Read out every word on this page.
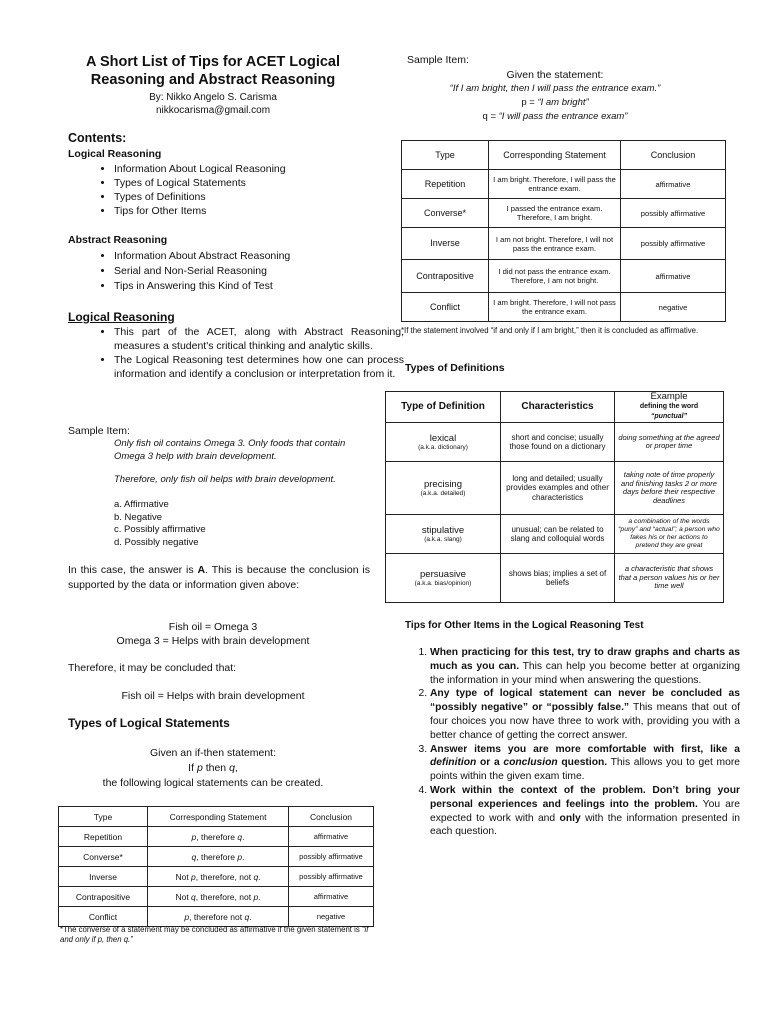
A Short List of Tips for ACET Logical Reasoning and Abstract Reasoning
By: Nikko Angelo S. Carisma
nikkocarisma@gmail.com
Contents:
Logical Reasoning
• Information About Logical Reasoning
• Types of Logical Statements
• Types of Definitions
• Tips for Other Items
Abstract Reasoning
• Information About Abstract Reasoning
• Serial and Non-Serial Reasoning
• Tips in Answering this Kind of Test
Logical Reasoning
• This part of the ACET, along with Abstract Reasoning, measures a student's critical thinking and analytic skills.
• The Logical Reasoning test determines how one can process information and identify a conclusion or interpretation from it.
Sample Item:
Only fish oil contains Omega 3. Only foods that contain Omega 3 help with brain development.
Therefore, only fish oil helps with brain development.
a. Affirmative
b. Negative
c. Possibly affirmative
d. Possibly negative
In this case, the answer is A. This is because the conclusion is supported by the data or information given above:
Fish oil = Omega 3
Omega 3 = Helps with brain development
Therefore, it may be concluded that:
Fish oil = Helps with brain development
Types of Logical Statements
Given an if-then statement:
If p then q,
the following logical statements can be created.
Type	Corresponding Statement	Conclusion
Repetition	p, therefore q.	affirmative
Converse*	q, therefore p.	possibly affirmative
Inverse	Not p, therefore, not q.	possibly affirmative
Contrapositive	Not q, therefore, not p.	affirmative
Conflict	p, therefore not q.	negative
*The converse of a statement may be concluded as affirmative if the given statement is “if and only if p, then q.”
Sample Item:
Given the statement:
“If I am bright, then I will pass the entrance exam.”
p = “I am bright”
q = “I will pass the entrance exam”
Type	Corresponding Statement	Conclusion
Repetition	I am bright. Therefore, I will pass the entrance exam.	affirmative
Converse*	I passed the entrance exam. Therefore, I am bright.	possibly affirmative
Inverse	I am not bright. Therefore, I will not pass the entrance exam.	possibly affirmative
Contrapositive	I did not pass the entrance exam. Therefore, I am not bright.	affirmative
Conflict	I am bright. Therefore, I will not pass the entrance exam.	negative
*If the statement involved “if and only if I am bright,” then it is concluded as affirmative.
Types of Definitions
Type of Definition	Characteristics	Example
defining the word
“punctual”

lexical
(a.k.a. dictionary)	short and concise; usually those found on a dictionary	doing something at the agreed or proper time
precising
(a.k.a. detailed)	long and detailed; usually provides examples and other characteristics	taking note of time properly and finishing tasks 2 or more days before their respective deadlines
stipulative
(a.k.a. slang)	unusual; can be related to slang and colloquial words	a combination of the words “puny” and “actual”; a person who fakes his or her actions to pretend they are great
persuasive
(a.k.a. bias/opinion)	shows bias; implies a set of beliefs	a characteristic that shows that a person values his or her time well
Tips for Other Items in the Logical Reasoning Test
1. When practicing for this test, try to draw graphs and charts as much as you can. This can help you become better at organizing the information in your mind when answering the questions.
2. Any type of logical statement can never be concluded as “possibly negative” or “possibly false.” This means that out of four choices you now have three to work with, providing you with a better chance of getting the correct answer.
3. Answer items you are more comfortable with first, like a definition or a conclusion question. This allows you to get more points within the given exam time.
4. Work within the context of the problem. Don’t bring your personal experiences and feelings into the problem. You are expected to work with and only with the information presented in each question.
